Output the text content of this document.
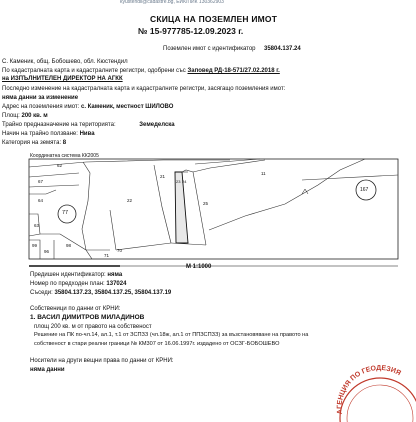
kyustendil@cadastre.bg, ЕИК/ПИК 130362903
СКИЦА НА ПОЗЕМЛЕН ИМОТ
№ 15-977785-12.09.2023 г.
Поземлен имот с идентификатор 35804.137.24
С. Каменик, общ. Бобошево, обл. Кюстендил
По кадастралната карта и кадастралните регистри, одобрени със Заповед РД-18-571/27.02.2018 г.
на ИЗПЪЛНИТЕЛЕН ДИРЕКТОР НА АГКК
Последно изменение на кадастралната карта и кадастралните регистри, засягащо поземления имот:
няма данни за изменение
Адрес на поземления имот: с. Каменик, местност ШИЛОВО
Площ: 200 кв. м
Трайно предназначение на територията:	Земеделска
Начин на трайно ползване: Нива
Категория на земята: 8
Координатна система КК2005
62
67
64
63
77
22
21
23 24
25
11
167
99
96
98
71
70
М 1:1000
Предишен идентификатор: няма
Номер по предходен план: 137024
Съседи: 35804.137.23, 35804.137.25, 35804.137.19
Собственици по данни от КРНИ:
1. ВАСИЛ ДИМИТРОВ МИЛАДИНОВ
площ 200 кв. м от правото на собственост
Решение на ПК по-чл.14, ал.1, т.1 от ЗСПЗЗ (чл.18ж, ал.1 от ППЗСПЗЗ) за възстановяване на правото на
собственост в стари реални граници № КМ307 от 16.06.1997г. издадено от ОСЗГ-БОБОШЕВО
Носители на други вещни права по данни от КРНИ:
няма данни
АГЕНЦИЯ ПО ГЕОДЕЗИЯ
